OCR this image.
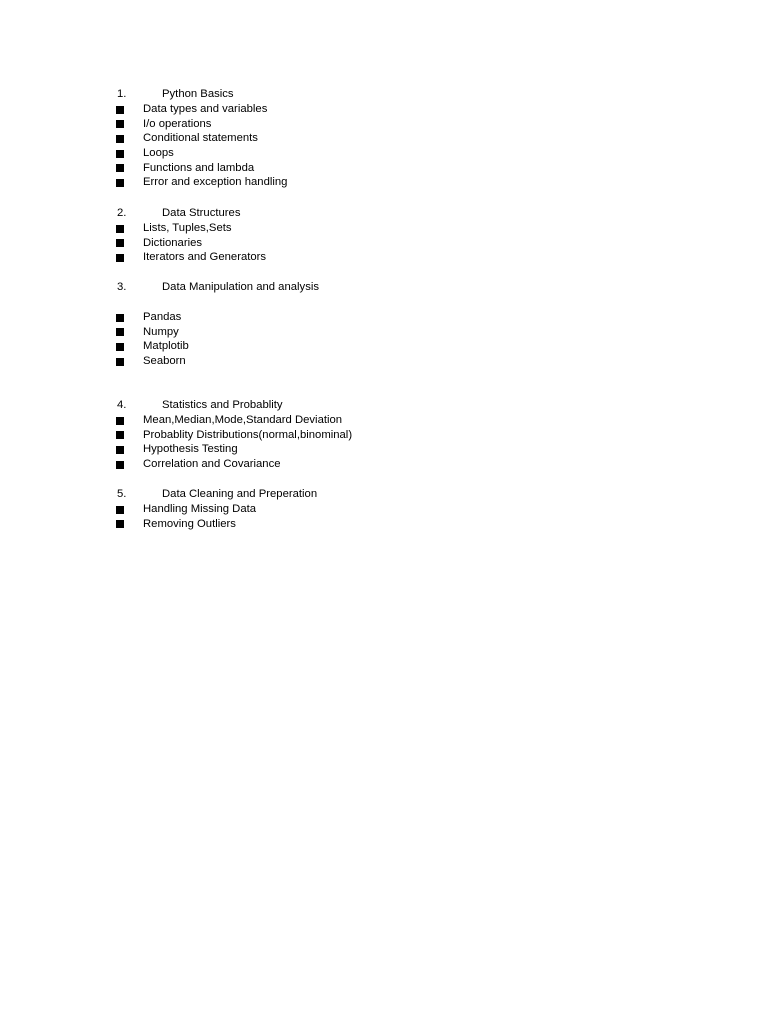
1.	Python Basics
Data types and variables
I/o operations
Conditional statements
Loops
Functions and lambda
Error and exception handling
2.	Data Structures
Lists, Tuples,Sets
Dictionaries
Iterators and Generators
3.	Data Manipulation and analysis
Pandas
Numpy
Matplotib
Seaborn
4.	Statistics and Probablity
Mean,Median,Mode,Standard Deviation
Probablity Distributions(normal,binominal)
Hypothesis Testing
Correlation and Covariance
5.	Data Cleaning and Preperation
Handling Missing Data
Removing Outliers
